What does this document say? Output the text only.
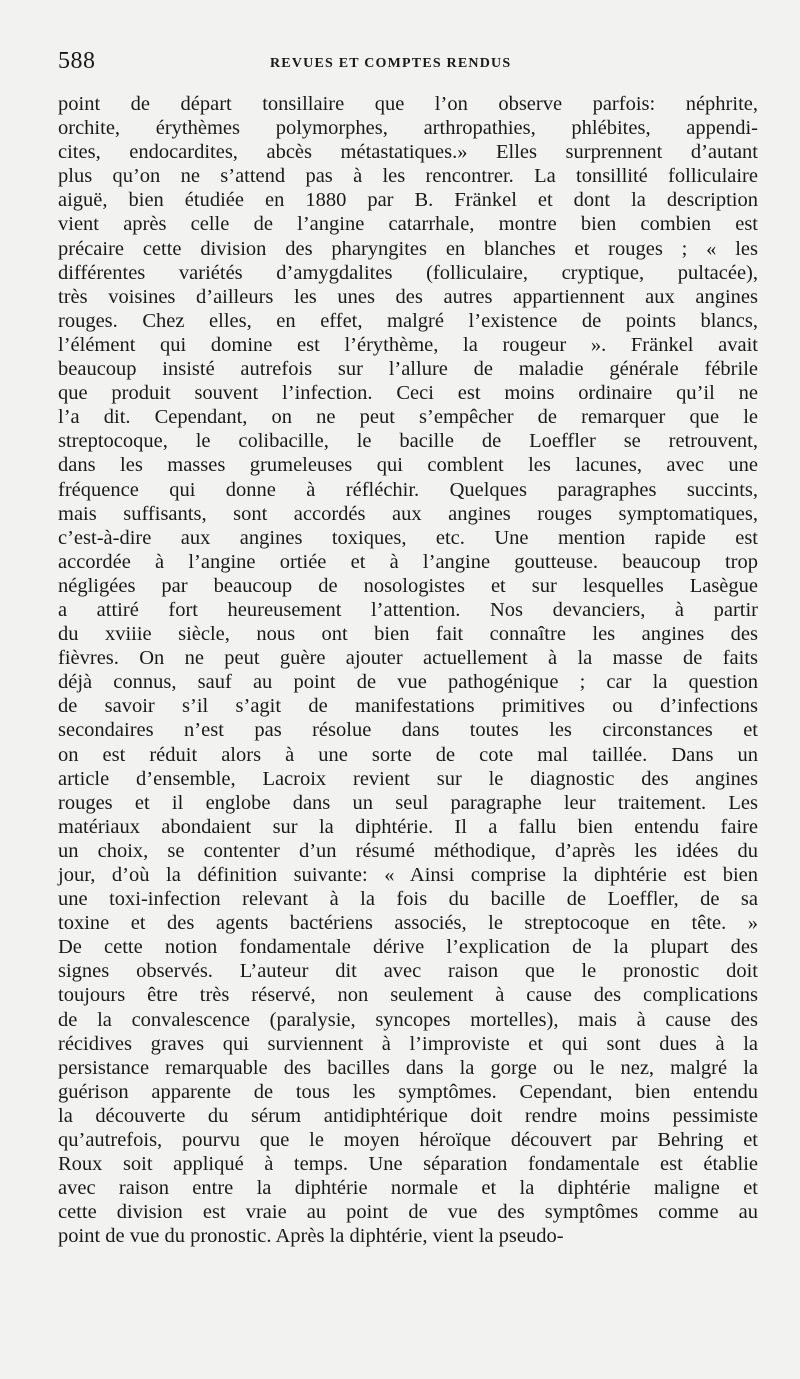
588	REVUES ET COMPTES RENDUS
point de départ tonsillaire que l’on observe parfois: néphrite,
orchite, érythèmes polymorphes, arthropathies, phlébites, appendi-
cites, endocardites, abcès métastatiques.» Elles surprennent d’autant
plus qu’on ne s’attend pas à les rencontrer. La tonsillité folliculaire
aiguë, bien étudiée en 1880 par B. Fränkel et dont la description
vient après celle de l’angine catarrhale, montre bien combien est
précaire cette division des pharyngites en blanches et rouges ; « les
différentes variétés d’amygdalites (folliculaire, cryptique, pultacée),
très voisines d’ailleurs les unes des autres appartiennent aux angines
rouges. Chez elles, en effet, malgré l’existence de points blancs,
l’élément qui domine est l’érythème, la rougeur ». Fränkel avait
beaucoup insisté autrefois sur l’allure de maladie générale fébrile
que produit souvent l’infection. Ceci est moins ordinaire qu’il ne
l’a dit. Cependant, on ne peut s’empêcher de remarquer que le
streptocoque, le colibacille, le bacille de Loeffler se retrouvent,
dans les masses grumeleuses qui comblent les lacunes, avec une
fréquence qui donne à réfléchir. Quelques paragraphes succints,
mais suffisants, sont accordés aux angines rouges symptomatiques,
c’est-à-dire aux angines toxiques, etc. Une mention rapide est
accordée à l’angine ortiée et à l’angine goutteuse. beaucoup trop
négligées par beaucoup de nosologistes et sur lesquelles Lasègue
a attiré fort heureusement l’attention. Nos devanciers, à partir
du xviiie siècle, nous ont bien fait connaître les angines des
fièvres. On ne peut guère ajouter actuellement à la masse de faits
déjà connus, sauf au point de vue pathogénique ; car la question
de savoir s’il s’agit de manifestations primitives ou d’infections
secondaires n’est pas résolue dans toutes les circonstances et
on est réduit alors à une sorte de cote mal taillée. Dans un
article d’ensemble, Lacroix revient sur le diagnostic des angines
rouges et il englobe dans un seul paragraphe leur traitement. Les
matériaux abondaient sur la diphtérie. Il a fallu bien entendu faire
un choix, se contenter d’un résumé méthodique, d’après les idées du
jour, d’où la définition suivante: « Ainsi comprise la diphtérie est bien
une toxi-infection relevant à la fois du bacille de Loeffler, de sa
toxine et des agents bactériens associés, le streptocoque en tête. »
De cette notion fondamentale dérive l’explication de la plupart des
signes observés. L’auteur dit avec raison que le pronostic doit
toujours être très réservé, non seulement à cause des complications
de la convalescence (paralysie, syncopes mortelles), mais à cause des
récidives graves qui surviennent à l’improviste et qui sont dues à la
persistance remarquable des bacilles dans la gorge ou le nez, malgré la
guérison apparente de tous les symptômes. Cependant, bien entendu
la découverte du sérum antidiphtérique doit rendre moins pessimiste
qu’autrefois, pourvu que le moyen héroïque découvert par Behring et
Roux soit appliqué à temps. Une séparation fondamentale est établie
avec raison entre la diphtérie normale et la diphtérie maligne et
cette division est vraie au point de vue des symptômes comme au
point de vue du pronostic. Après la diphtérie, vient la pseudo-
